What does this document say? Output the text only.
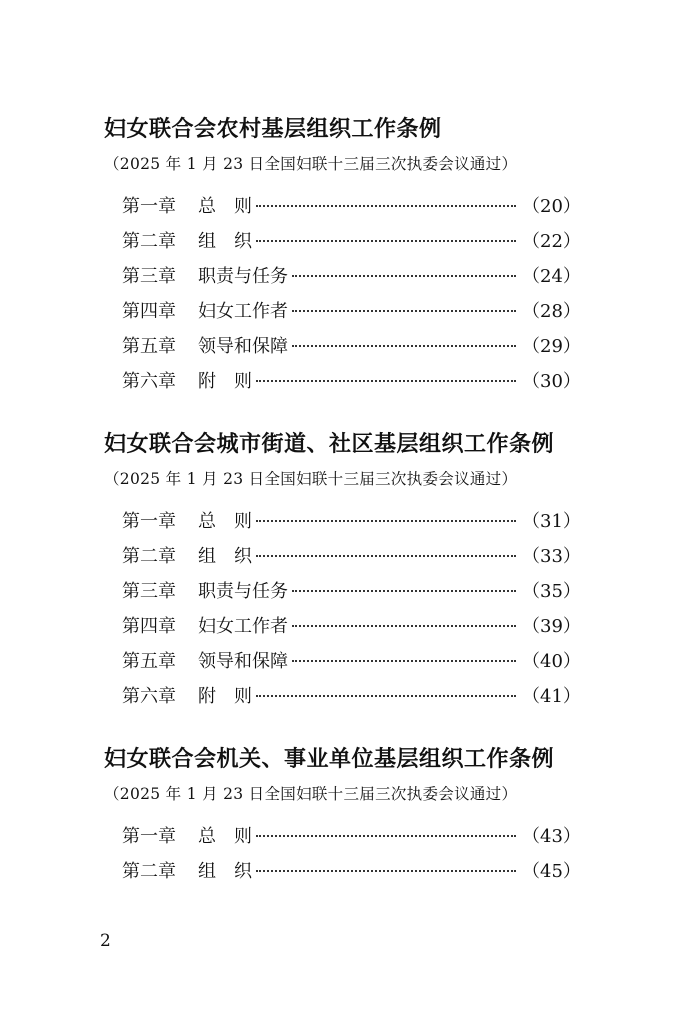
妇女联合会农村基层组织工作条例
（2025 年 1 月 23 日全国妇联十三届三次执委会议通过）
第一章	总　则	（20）
第二章	组　织	（22）
第三章	职责与任务	（24）
第四章	妇女工作者	（28）
第五章	领导和保障	（29）
第六章	附　则	（30）
妇女联合会城市街道、社区基层组织工作条例
（2025 年 1 月 23 日全国妇联十三届三次执委会议通过）
第一章	总　则	（31）
第二章	组　织	（33）
第三章	职责与任务	（35）
第四章	妇女工作者	（39）
第五章	领导和保障	（40）
第六章	附　则	（41）
妇女联合会机关、事业单位基层组织工作条例
（2025 年 1 月 23 日全国妇联十三届三次执委会议通过）
第一章	总　则	（43）
第二章	组　织	（45）
2
